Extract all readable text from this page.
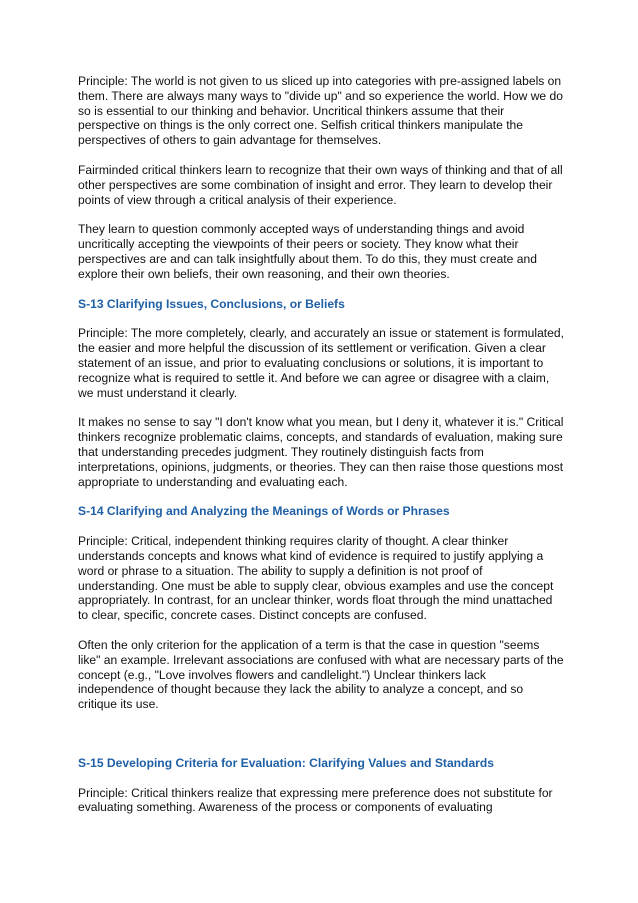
Principle: The world is not given to us sliced up into categories with pre-assigned labels on them. There are always many ways to "divide up" and so experience the world. How we do so is essential to our thinking and behavior. Uncritical thinkers assume that their perspective on things is the only correct one. Selfish critical thinkers manipulate the perspectives of others to gain advantage for themselves.

Fairminded critical thinkers learn to recognize that their own ways of thinking and that of all other perspectives are some combination of insight and error. They learn to develop their points of view through a critical analysis of their experience.

They learn to question commonly accepted ways of understanding things and avoid uncritically accepting the viewpoints of their peers or society. They know what their perspectives are and can talk insightfully about them. To do this, they must create and explore their own beliefs, their own reasoning, and their own theories.

S-13 Clarifying Issues, Conclusions, or Beliefs

Principle: The more completely, clearly, and accurately an issue or statement is formulated, the easier and more helpful the discussion of its settlement or verification. Given a clear statement of an issue, and prior to evaluating conclusions or solutions, it is important to recognize what is required to settle it. And before we can agree or disagree with a claim, we must understand it clearly.

It makes no sense to say "I don't know what you mean, but I deny it, whatever it is." Critical thinkers recognize problematic claims, concepts, and standards of evaluation, making sure that understanding precedes judgment. They routinely distinguish facts from interpretations, opinions, judgments, or theories. They can then raise those questions most appropriate to understanding and evaluating each.

S-14 Clarifying and Analyzing the Meanings of Words or Phrases

Principle: Critical, independent thinking requires clarity of thought. A clear thinker understands concepts and knows what kind of evidence is required to justify applying a word or phrase to a situation. The ability to supply a definition is not proof of understanding. One must be able to supply clear, obvious examples and use the concept appropriately. In contrast, for an unclear thinker, words float through the mind unattached to clear, specific, concrete cases. Distinct concepts are confused.

Often the only criterion for the application of a term is that the case in question "seems like" an example. Irrelevant associations are confused with what are necessary parts of the concept (e.g., "Love involves flowers and candlelight.") Unclear thinkers lack independence of thought because they lack the ability to analyze a concept, and so critique its use.

S-15 Developing Criteria for Evaluation: Clarifying Values and Standards

Principle: Critical thinkers realize that expressing mere preference does not substitute for evaluating something. Awareness of the process or components of evaluating
